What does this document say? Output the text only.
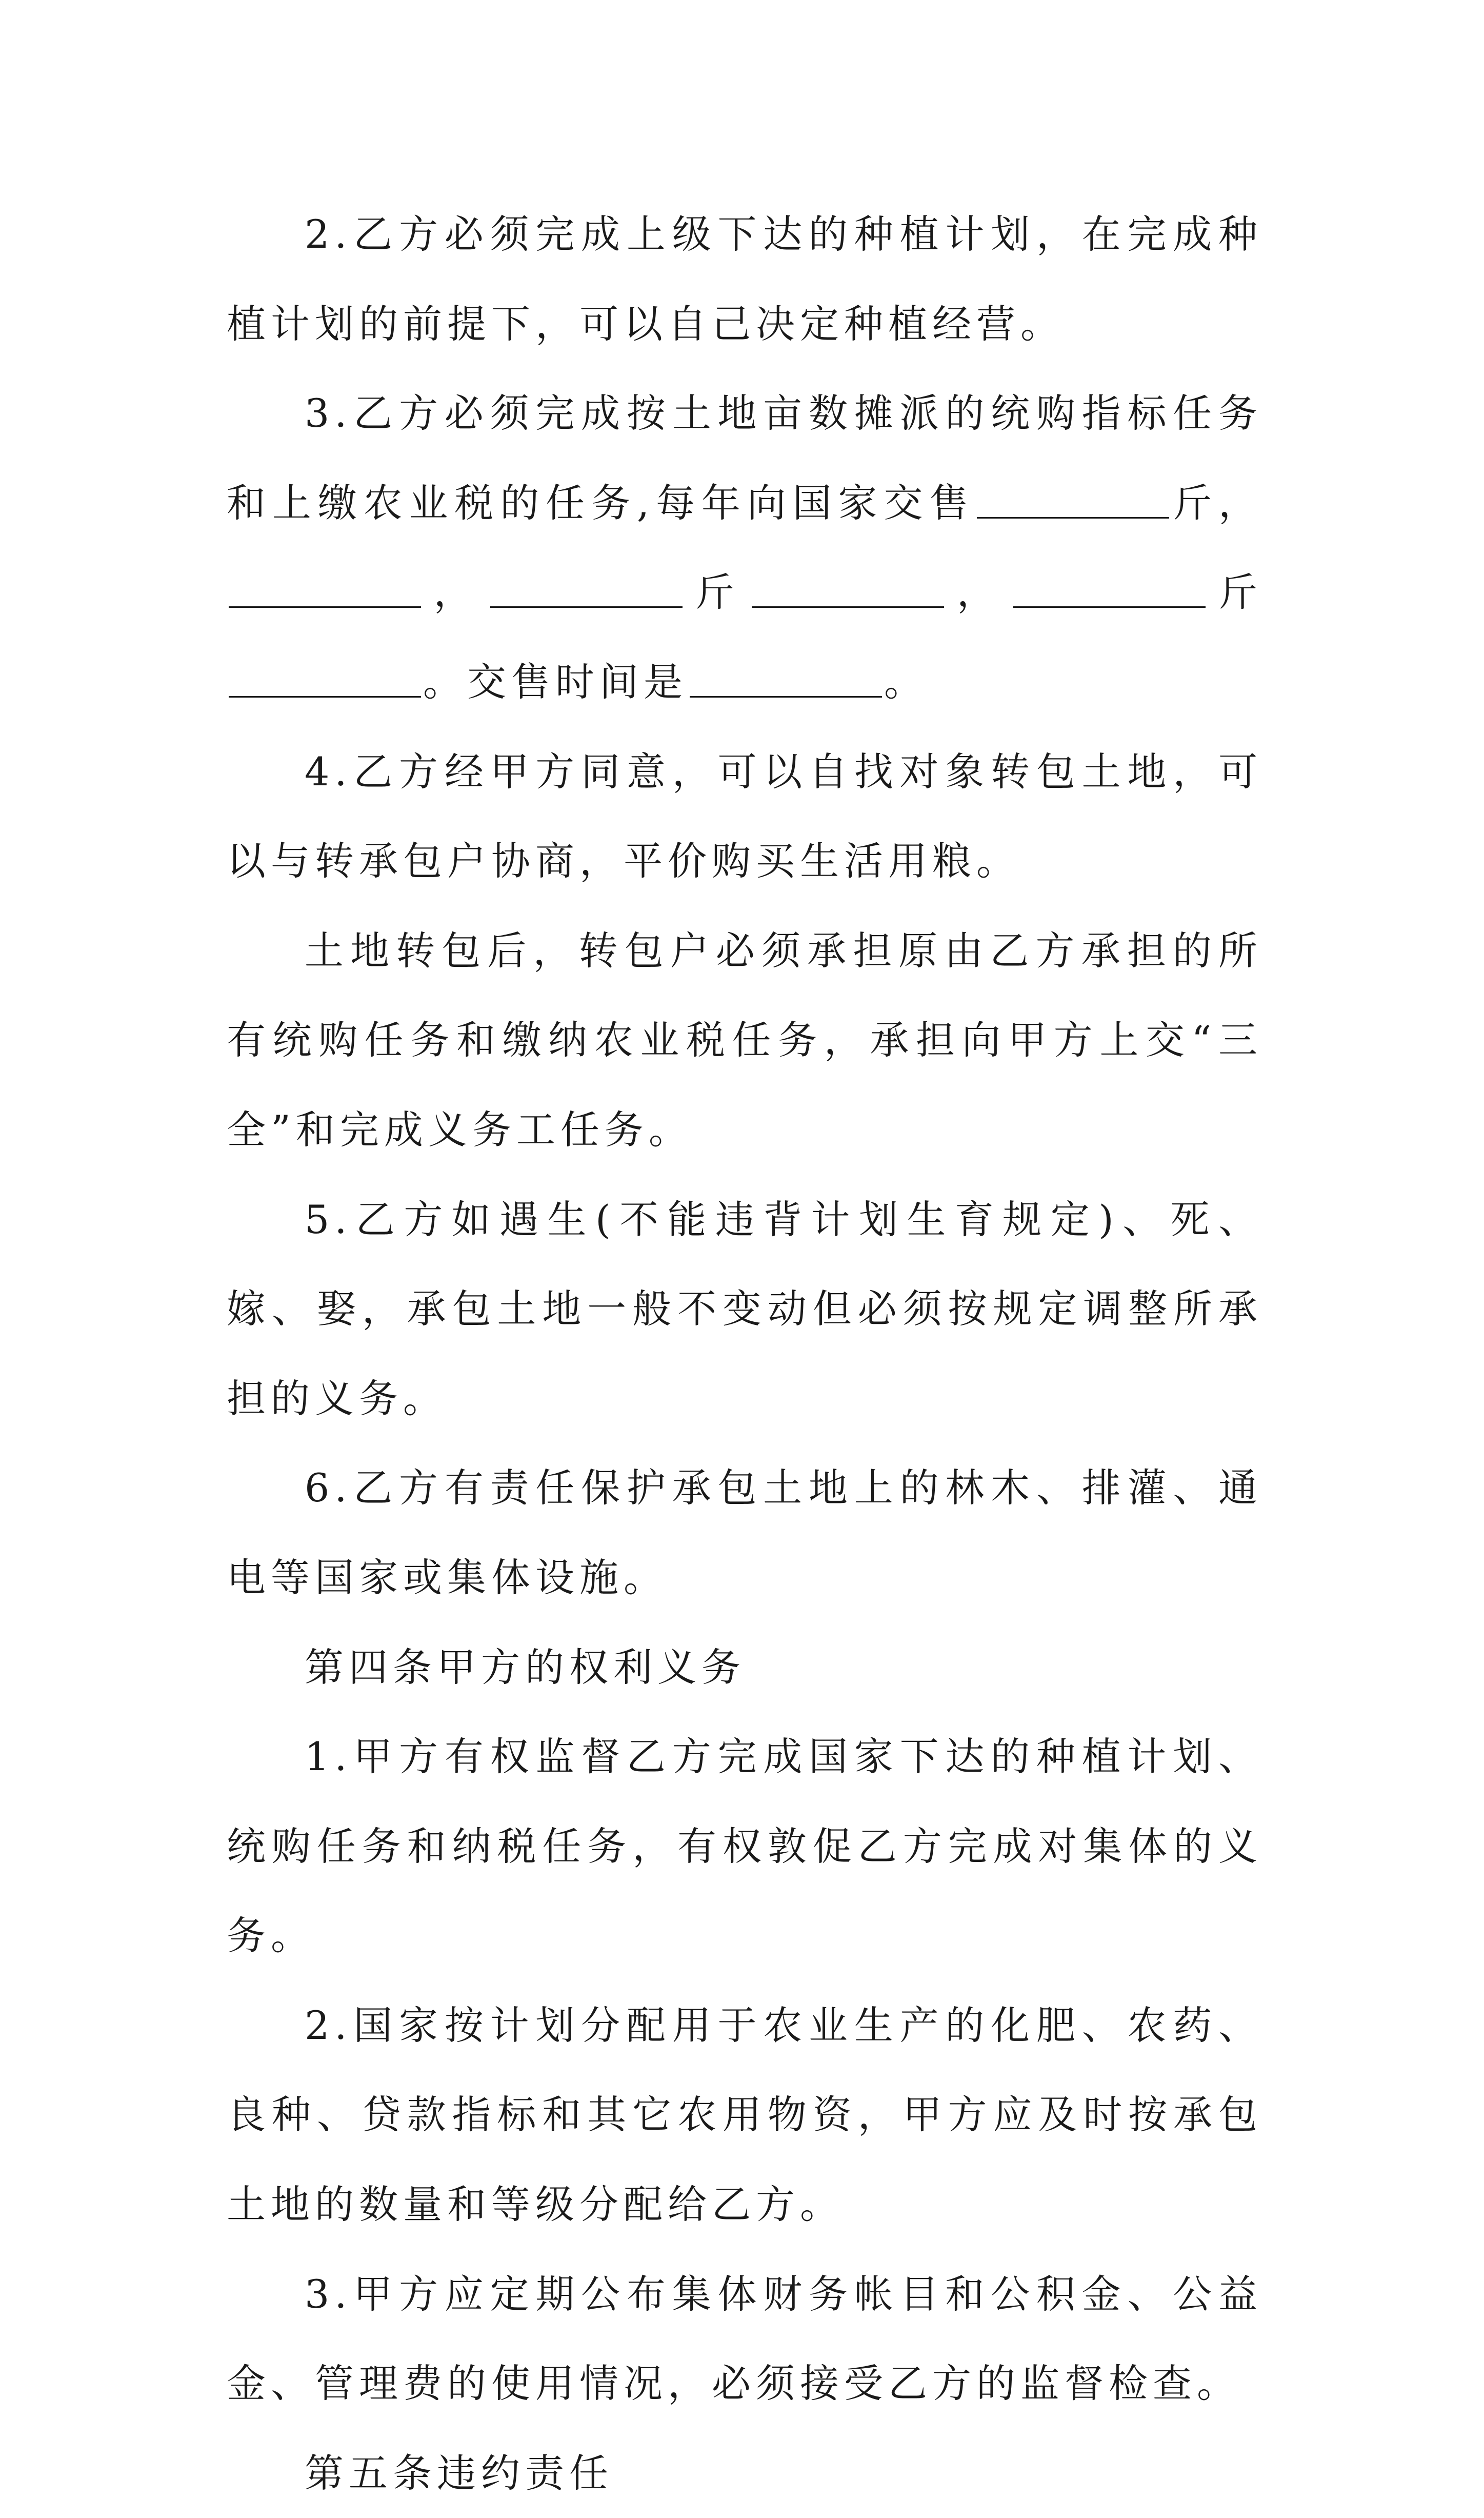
2.乙方必须完成上级下达的种植计划，在完成种植计划的前提下，可以自己决定种植经营。

3.乙方必须完成按土地亩数摊派的统购指标任务和上缴农业税的任务,每年向国家交售	斤，，	斤	，	斤。交售时间是	。

4.乙方经甲方同意，可以自找对象转包土地，可以与转承包户协商，平价购买生活用粮。

土地转包后，转包户必须承担原由乙方承担的所有统购任务和缴纳农业税任务，承担向甲方上交“三全”和完成义务工任务。

5.乙方如遇生(不能违背计划生育规定)、死、嫁、娶，承包土地一般不变动但必须按规定调整所承担的义务。

6.乙方有责任保护承包土地上的林木、排灌、通电等国家或集体设施。

第四条甲方的权利义务

1.甲方有权监督乙方完成国家下达的种植计划、统购任务和纳税任务，有权敦促乙方完成对集体的义务。

2.国家按计划分配用于农业生产的化肥、农药、良种、贷款指标和其它农用物资，甲方应及时按承包土地的数量和等级分配给乙方。

3.甲方应定期公布集体财务帐目和公积金、公益金、管理费的使用情况，必须接受乙方的监督检查。

第五条违约责任
